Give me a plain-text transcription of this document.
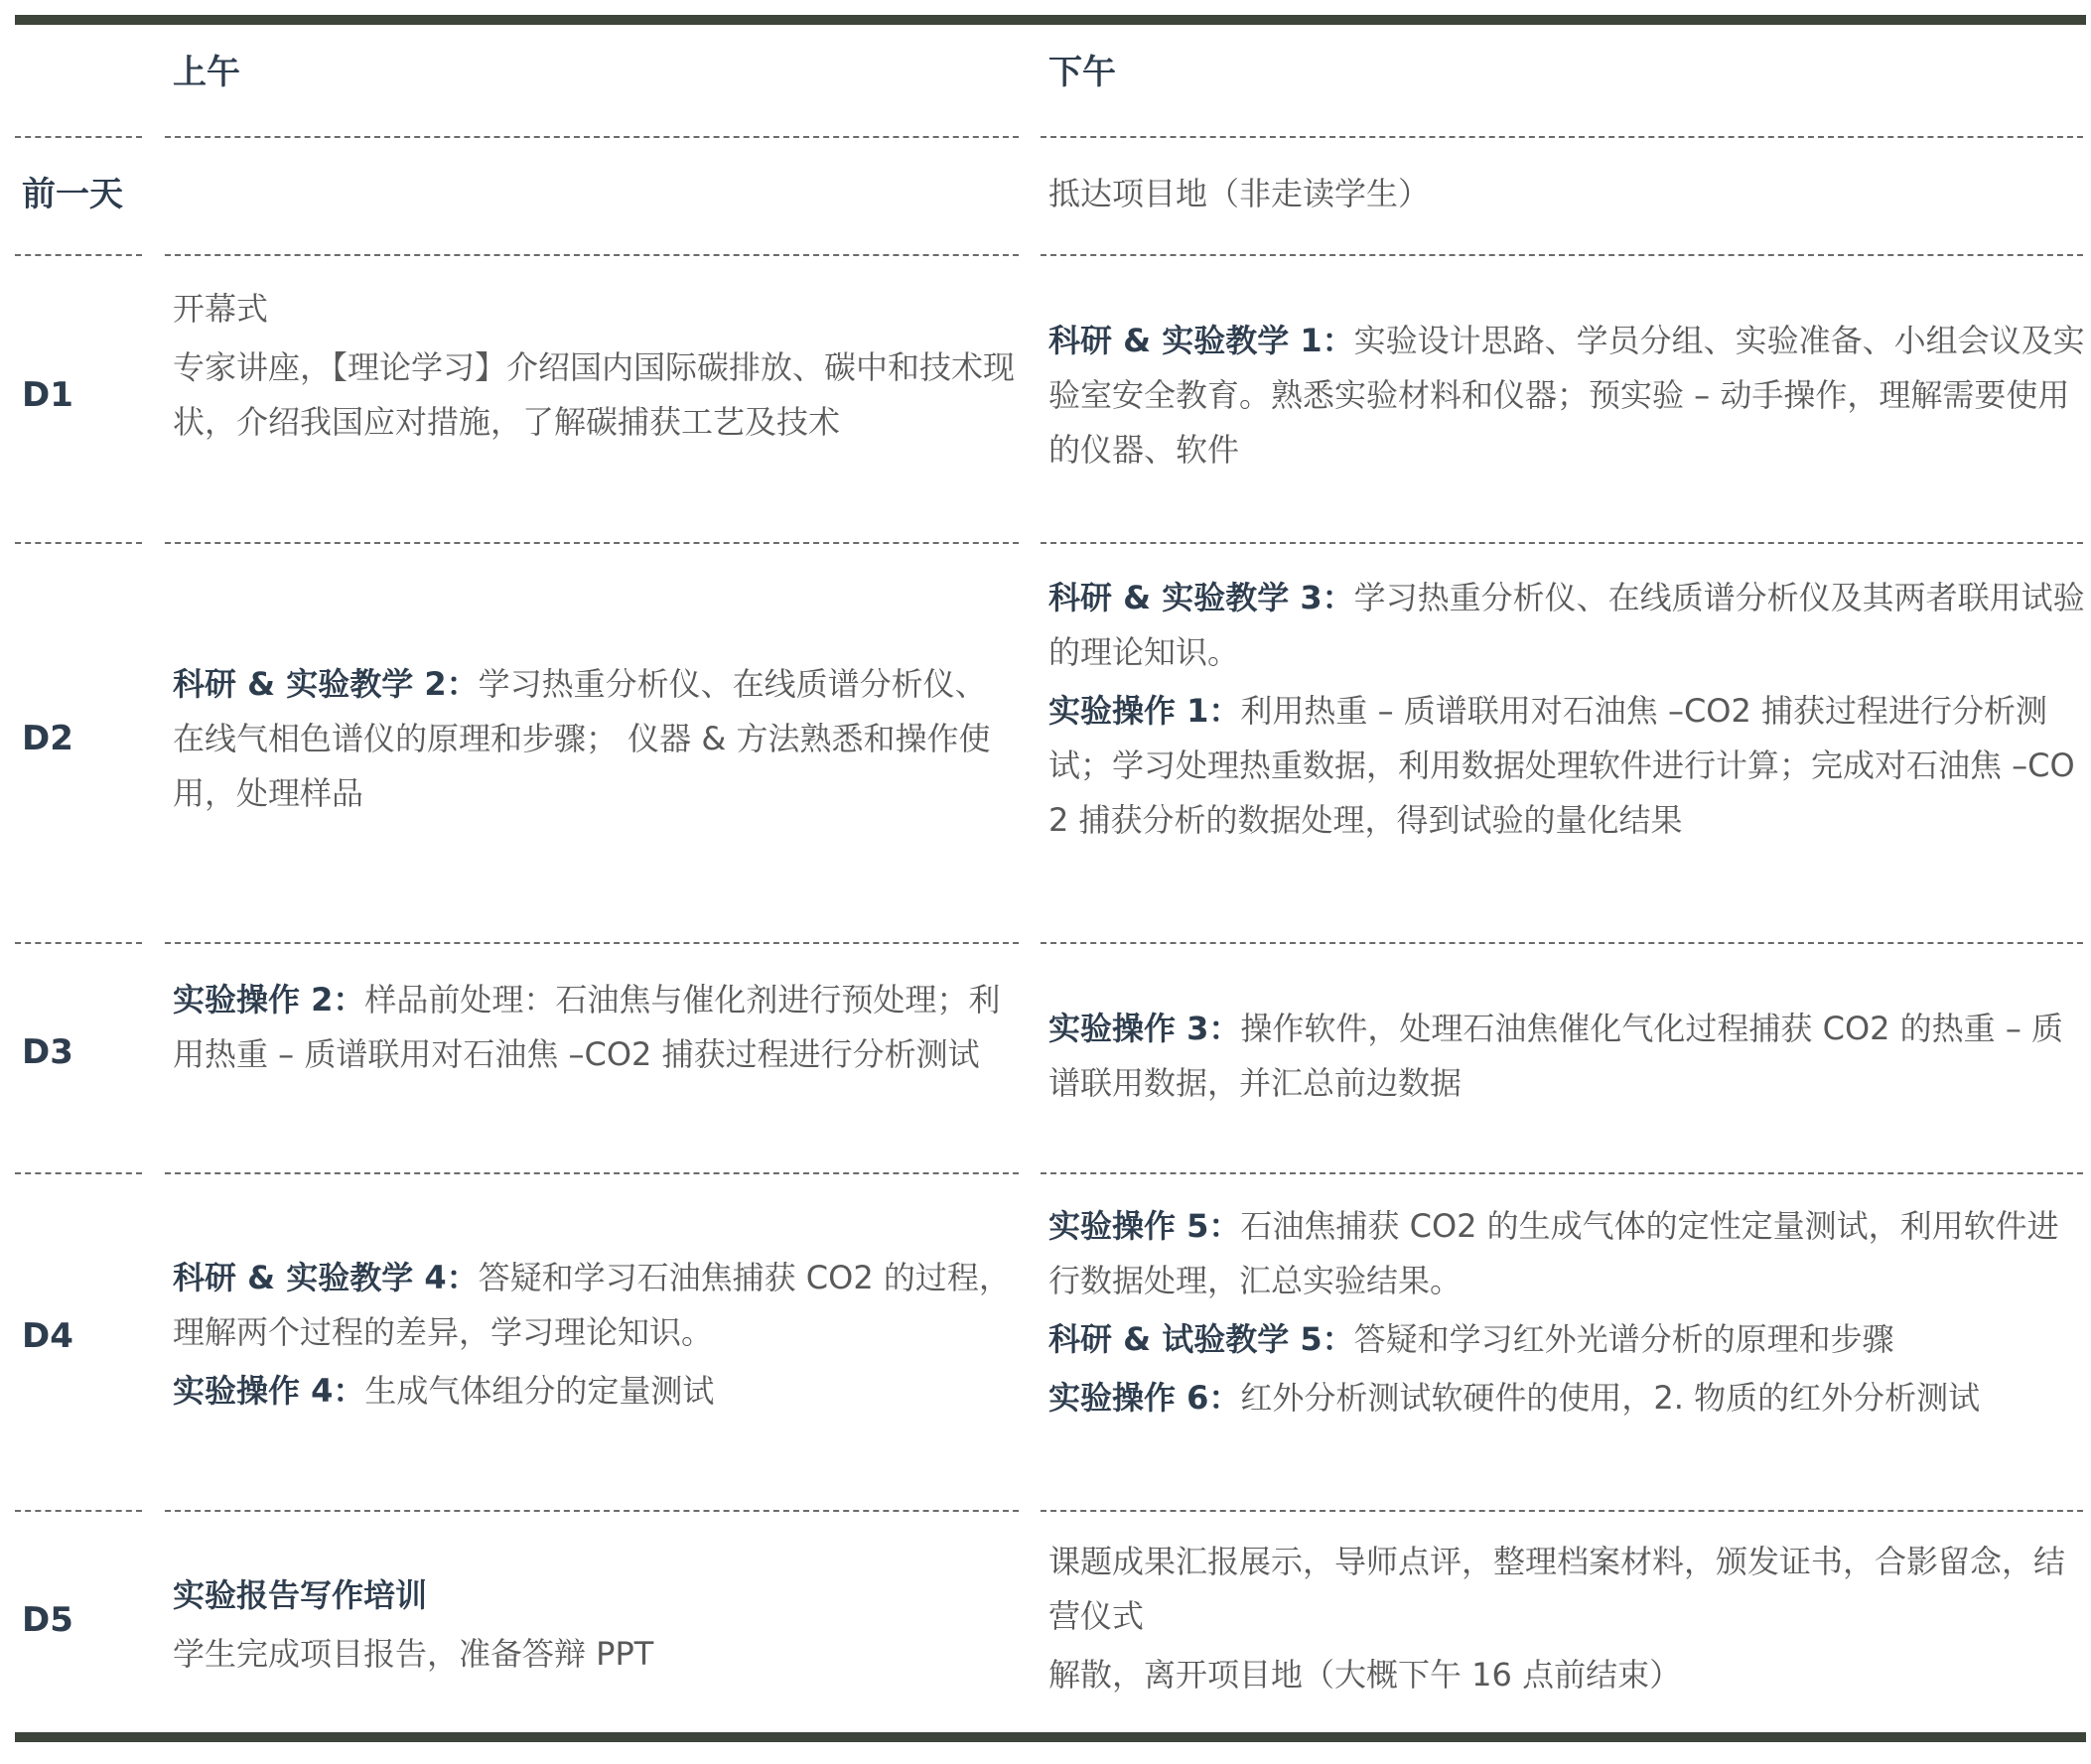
上午	下午
前一天	抵达项目地（非走读学生）
D1
开幕式
专家讲座，【理论学习】介绍国内国际碳排放、碳中和技术现状，介绍我国应对措施，了解碳捕获工艺及技术
科研 & 实验教学 1：实验设计思路、学员分组、实验准备、小组会议及实验室安全教育。熟悉实验材料和仪器；预实验 – 动手操作，理解需要使用的仪器、软件
D2
科研 & 实验教学 2：学习热重分析仪、在线质谱分析仪、在线气相色谱仪的原理和步骤； 仪器 & 方法熟悉和操作使用，处理样品
科研 & 实验教学 3：学习热重分析仪、在线质谱分析仪及其两者联用试验的理论知识。
实验操作 1：利用热重 – 质谱联用对石油焦 –CO2 捕获过程进行分析测试；学习处理热重数据，利用数据处理软件进行计算；完成对石油焦 –CO2 捕获分析的数据处理，得到试验的量化结果
D3
实验操作 2：样品前处理：石油焦与催化剂进行预处理；利用热重 – 质谱联用对石油焦 –CO2 捕获过程进行分析测试
实验操作 3：操作软件，处理石油焦催化气化过程捕获 CO2 的热重 – 质谱联用数据，并汇总前边数据
D4
科研 & 实验教学 4：答疑和学习石油焦捕获 CO2 的过程，理解两个过程的差异，学习理论知识。
实验操作 4：生成气体组分的定量测试
实验操作 5：石油焦捕获 CO2 的生成气体的定性定量测试，利用软件进行数据处理，汇总实验结果。
科研 & 试验教学 5：答疑和学习红外光谱分析的原理和步骤
实验操作 6：红外分析测试软硬件的使用，2. 物质的红外分析测试
D5
实验报告写作培训
学生完成项目报告，准备答辩 PPT
课题成果汇报展示，导师点评，整理档案材料，颁发证书，合影留念，结营仪式
解散，离开项目地（大概下午 16 点前结束）
